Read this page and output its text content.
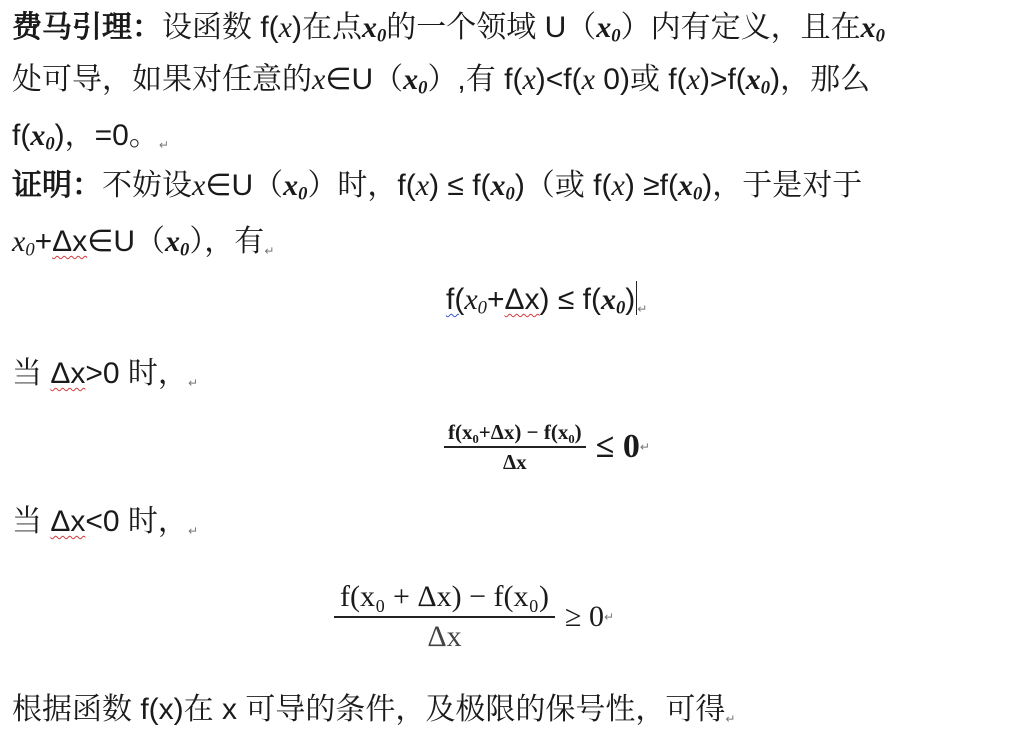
费马引理：设函数 f(x)在点$x_0$的一个领域 $U(x_0)$内有定义，且在$x_0$
处可导，如果对任意的$x\in U(x_0)$,有 f(x)<f(x 0)或 $f(x)>f(x_0)$，那么
$f(x_0)$，=0。↵
证明：不妨设$x\in U(x_0)$时，$f(x) \le f(x_0)$（或 $f(x) \ge f(x_0)$，于是对于
$x_0+\Delta x\in U(x_0)$，有↵
$f(x_0+\Delta x) \le f(x_0)$ ↵
当 Δx>0 时，↵
$\frac{\text{f(x₀+Δx) − f(x₀)}}{\Delta x} \le 0$ ↵
当 Δx<0 时，↵
$\frac{\text{f(x₀ + Δx) − f(x₀)}}{\Delta x} \ge 0$ ↵
根据函数 f(x)在 x 可导的条件，及极限的保号性，可得↵
